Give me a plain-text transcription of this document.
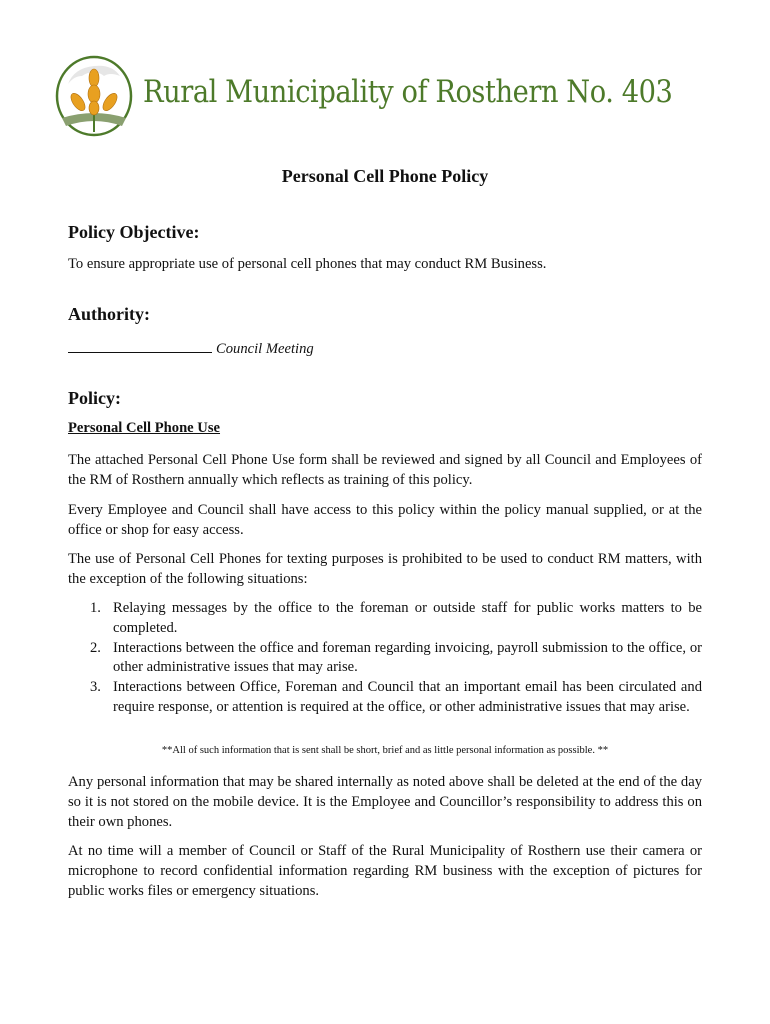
Rural Municipality of Rosthern No. 403
Personal Cell Phone Policy
Policy Objective:
To ensure appropriate use of personal cell phones that may conduct RM Business.
Authority:
Council Meeting
Policy:
Personal Cell Phone Use
The attached Personal Cell Phone Use form shall be reviewed and signed by all Council and Employees of the RM of Rosthern annually which reflects as training of this policy.
Every Employee and Council shall have access to this policy within the policy manual supplied, or at the office or shop for easy access.
The use of Personal Cell Phones for texting purposes is prohibited to be used to conduct RM matters, with the exception of the following situations:
1. Relaying messages by the office to the foreman or outside staff for public works matters to be completed.
2. Interactions between the office and foreman regarding invoicing, payroll submission to the office, or other administrative issues that may arise.
3. Interactions between Office, Foreman and Council that an important email has been circulated and require response, or attention is required at the office, or other administrative issues that may arise.
**All of such information that is sent shall be short, brief and as little personal information as possible. **
Any personal information that may be shared internally as noted above shall be deleted at the end of the day so it is not stored on the mobile device. It is the Employee and Councillor’s responsibility to address this on their own phones.
At no time will a member of Council or Staff of the Rural Municipality of Rosthern use their camera or microphone to record confidential information regarding RM business with the exception of pictures for public works files or emergency situations.
